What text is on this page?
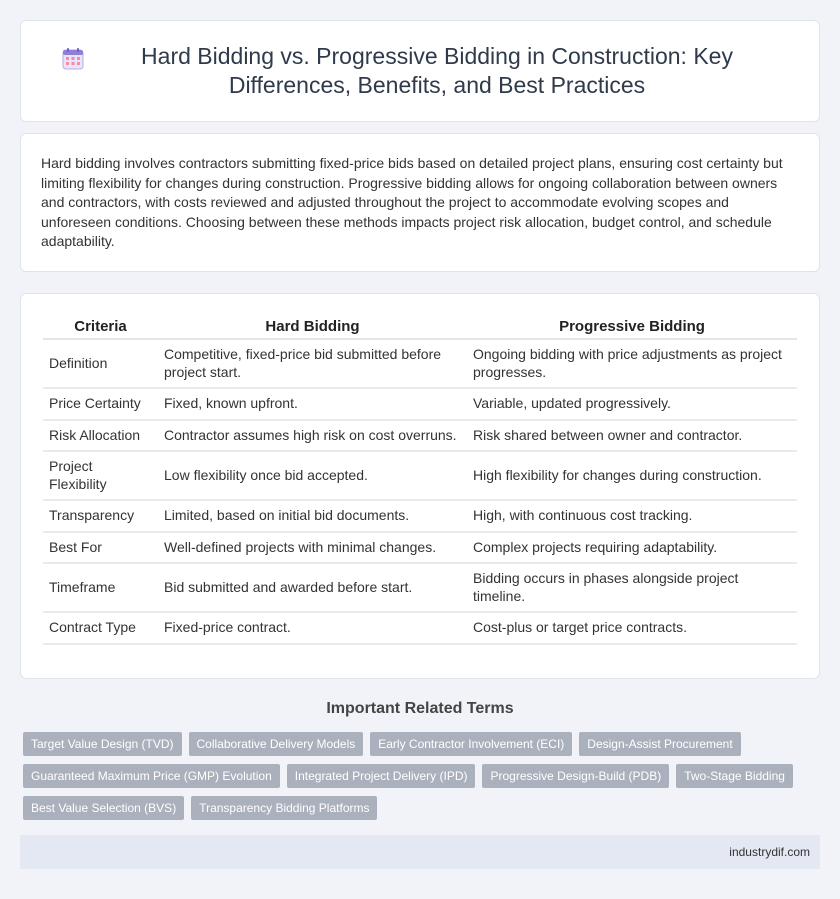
Hard Bidding vs. Progressive Bidding in Construction: Key Differences, Benefits, and Best Practices

Hard bidding involves contractors submitting fixed-price bids based on detailed project plans, ensuring cost certainty but limiting flexibility for changes during construction. Progressive bidding allows for ongoing collaboration between owners and contractors, with costs reviewed and adjusted throughout the project to accommodate evolving scopes and unforeseen conditions. Choosing between these methods impacts project risk allocation, budget control, and schedule adaptability.

Criteria	Hard Bidding	Progressive Bidding
Definition	Competitive, fixed-price bid submitted before project start.	Ongoing bidding with price adjustments as project progresses.
Price Certainty	Fixed, known upfront.	Variable, updated progressively.
Risk Allocation	Contractor assumes high risk on cost overruns.	Risk shared between owner and contractor.
Project Flexibility	Low flexibility once bid accepted.	High flexibility for changes during construction.
Transparency	Limited, based on initial bid documents.	High, with continuous cost tracking.
Best For	Well-defined projects with minimal changes.	Complex projects requiring adaptability.
Timeframe	Bid submitted and awarded before start.	Bidding occurs in phases alongside project timeline.
Contract Type	Fixed-price contract.	Cost-plus or target price contracts.
Important Related Terms
Target Value Design (TVD)	Collaborative Delivery Models	Early Contractor Involvement (ECI)	Design-Assist Procurement
Guaranteed Maximum Price (GMP) Evolution	Integrated Project Delivery (IPD)	Progressive Design-Build (PDB)	Two-Stage Bidding
Best Value Selection (BVS)	Transparency Bidding Platforms
industrydif.com
